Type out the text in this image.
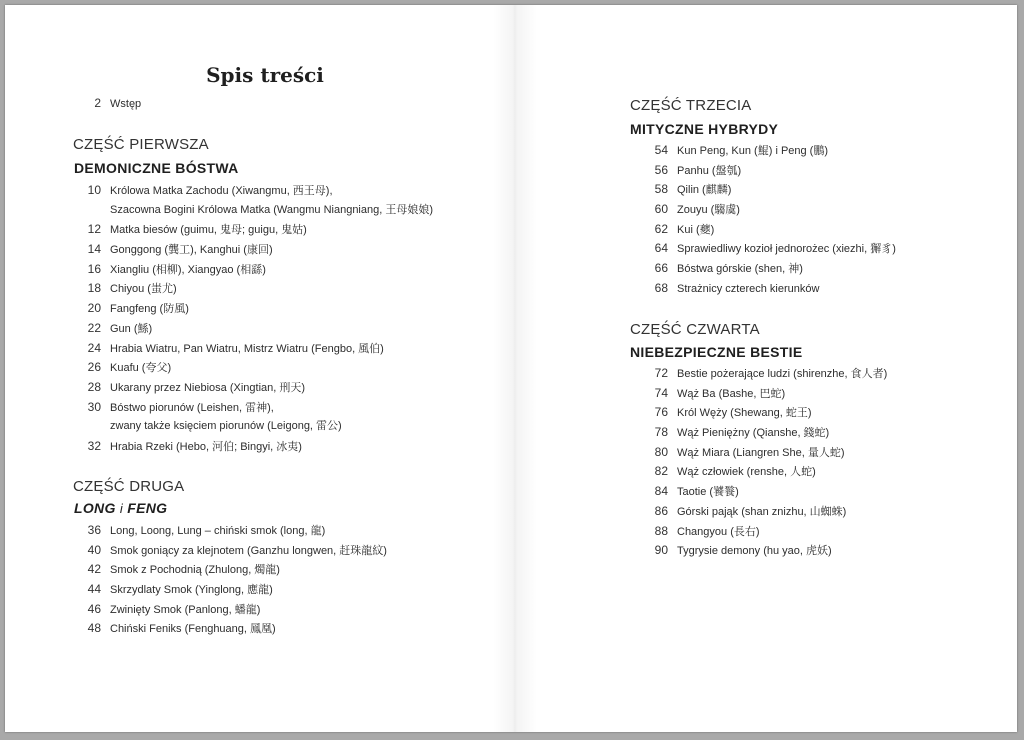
Spis treści
2 Wstęp
CZĘŚĆ PIERWSZA
DEMONICZNE BÓSTWA
10 Królowa Matka Zachodu (Xiwangmu, 西王母),
Szacowna Bogini Królowa Matka (Wangmu Niangniang, 王母娘娘)
12 Matka biesów (guimu, 鬼母; guigu, 鬼姑)
14 Gonggong (龔工), Kanghui (康回)
16 Xiangliu (相柳), Xiangyao (相繇)
18 Chiyou (蚩尤)
20 Fangfeng (防風)
22 Gun (鯀)
24 Hrabia Wiatru, Pan Wiatru, Mistrz Wiatru (Fengbo, 風伯)
26 Kuafu (夸父)
28 Ukarany przez Niebiosa (Xingtian, 刑天)
30 Bóstwo piorunów (Leishen, 雷神),
zwany także księciem piorunów (Leigong, 雷公)
32 Hrabia Rzeki (Hebo, 河伯; Bingyi, 冰夷)
CZĘŚĆ DRUGA
LONG i FENG
36 Long, Loong, Lung – chiński smok (long, 龍)
40 Smok goniący za klejnotem (Ganzhu longwen, 赶珠龍紋)
42 Smok z Pochodnią (Zhulong, 燭龍)
44 Skrzydlaty Smok (Yinglong, 應龍)
46 Zwinięty Smok (Panlong, 蟠龍)
48 Chiński Feniks (Fenghuang, 鳳凰)
CZĘŚĆ TRZECIA
MITYCZNE HYBRYDY
54 Kun Peng, Kun (鯤) i Peng (鵬)
56 Panhu (盤瓠)
58 Qilin (麒麟)
60 Zouyu (騶虞)
62 Kui (夔)
64 Sprawiedliwy kozioł jednorożec (xiezhi, 獬豸)
66 Bóstwa górskie (shen, 神)
68 Strażnicy czterech kierunków
CZĘŚĆ CZWARTA
NIEBEZPIECZNE BESTIE
72 Bestie pożerające ludzi (shirenzhe, 食人者)
74 Wąż Ba (Bashe, 巴蛇)
76 Król Węży (Shewang, 蛇王)
78 Wąż Pieniężny (Qianshe, 錢蛇)
80 Wąż Miara (Liangren She, 量人蛇)
82 Wąż człowiek (renshe, 人蛇)
84 Taotie (饕餮)
86 Górski pająk (shan znizhu, 山蜘蛛)
88 Changyou (長右)
90 Tygrysie demony (hu yao, 虎妖)
